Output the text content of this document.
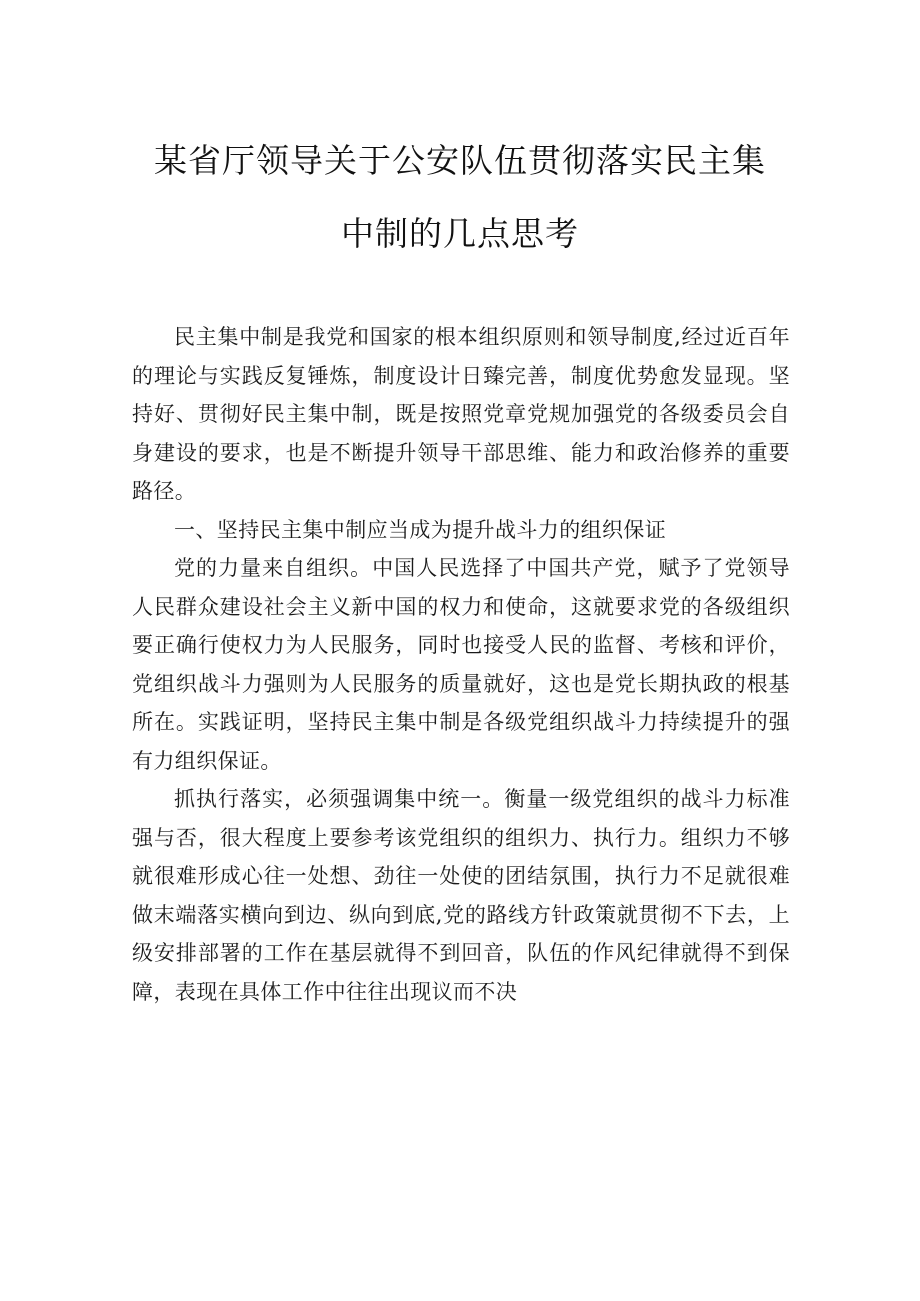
某省厅领导关于公安队伍贯彻落实民主集
中制的几点思考

民主集中制是我党和国家的根本组织原则和领导制度,经过近百年的理论与实践反复锤炼，制度设计日臻完善，制度优势愈发显现。坚持好、贯彻好民主集中制，既是按照党章党规加强党的各级委员会自身建设的要求，也是不断提升领导干部思维、能力和政治修养的重要路径。

一、坚持民主集中制应当成为提升战斗力的组织保证

党的力量来自组织。中国人民选择了中国共产党，赋予了党领导人民群众建设社会主义新中国的权力和使命，这就要求党的各级组织要正确行使权力为人民服务，同时也接受人民的监督、考核和评价，党组织战斗力强则为人民服务的质量就好，这也是党长期执政的根基所在。实践证明，坚持民主集中制是各级党组织战斗力持续提升的强有力组织保证。

抓执行落实，必须强调集中统一。衡量一级党组织的战斗力标准强与否，很大程度上要参考该党组织的组织力、执行力。组织力不够就很难形成心往一处想、劲往一处使的团结氛围，执行力不足就很难做末端落实横向到边、纵向到底,党的路线方针政策就贯彻不下去，上级安排部署的工作在基层就得不到回音，队伍的作风纪律就得不到保障，表现在具体工作中往往出现议而不决
